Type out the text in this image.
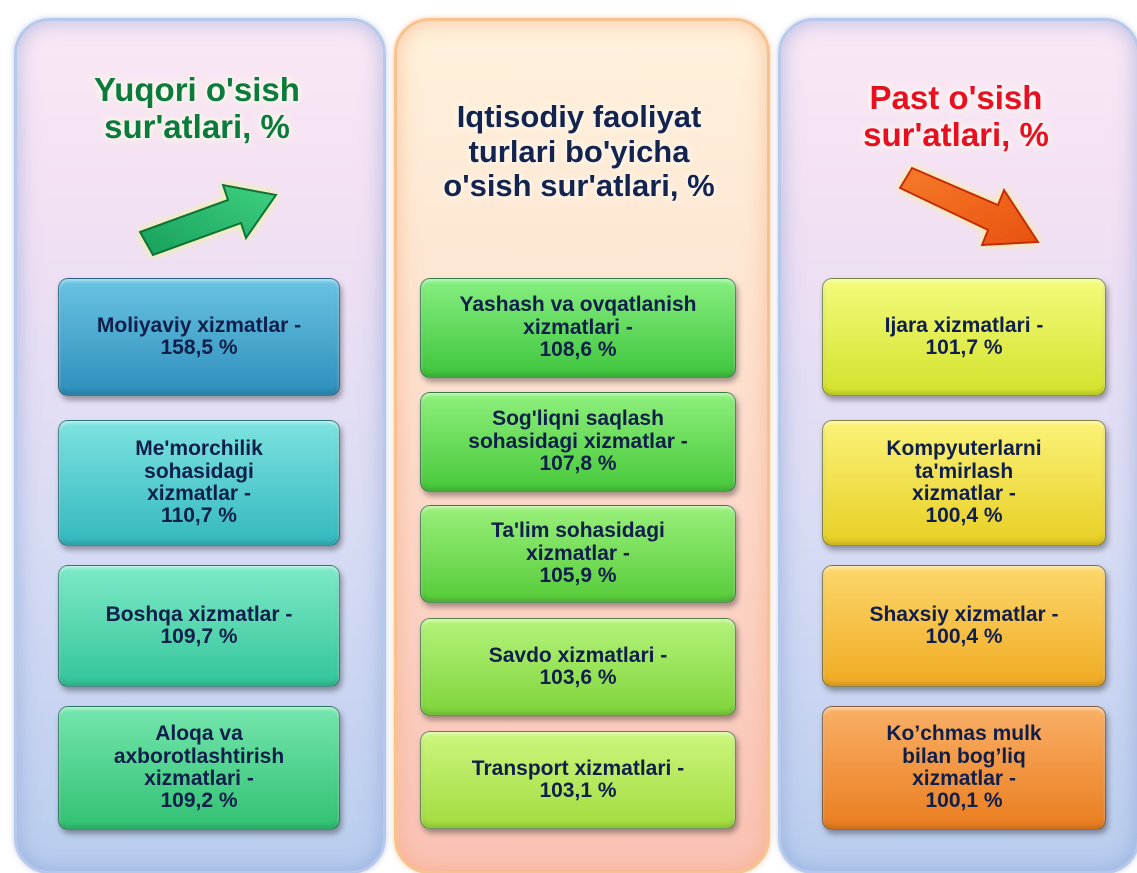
Yuqori o'sish
sur'atlari, %	Iqtisodiy faoliyat
turlari bo'yicha
o'sish sur'atlari, %
Past o'sish
sur'atlari, %
Moliyaviy xizmatlar -
158,5 %
Me'morchilik
sohasidagi
xizmatlar -
110,7 %
Boshqa xizmatlar -
109,7 %
Aloqa va
axborotlashtirish
xizmatlari -
109,2 %
Yashash va ovqatlanish
xizmatlari -
108,6 %
Sog'liqni saqlash
sohasidagi xizmatlar -
107,8 %
Ta'lim sohasidagi
xizmatlar -
105,9 %
Savdo xizmatlari -
103,6 %
Transport xizmatlari -
103,1 %
Ijara xizmatlari -
101,7 %
Kompyuterlarni
ta'mirlash
xizmatlar -
100,4 %
Shaxsiy xizmatlar -
100,4 %
Ko’chmas mulk
bilan bog’liq
xizmatlar -
100,1 %
